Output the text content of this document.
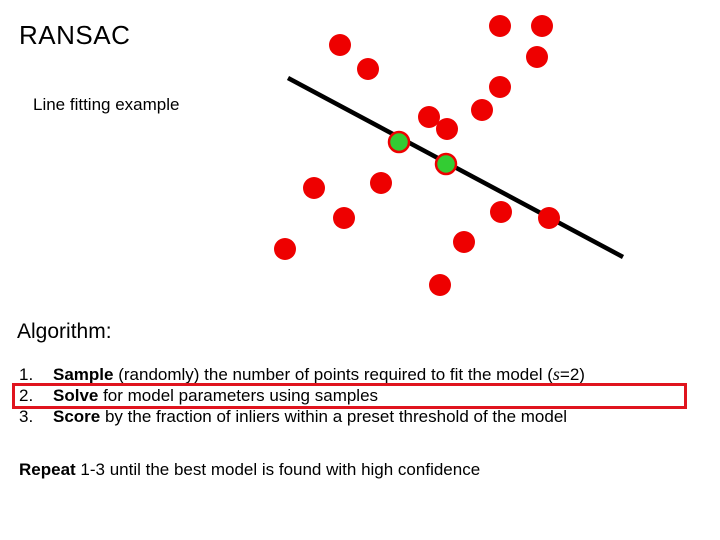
RANSAC
Line fitting example
Algorithm:
1.	Sample (randomly) the number of points required to fit the model (s=2)
2.	Solve for model parameters using samples
3.	Score by the fraction of inliers within a preset threshold of the model
Repeat 1-3 until the best model is found with high confidence
